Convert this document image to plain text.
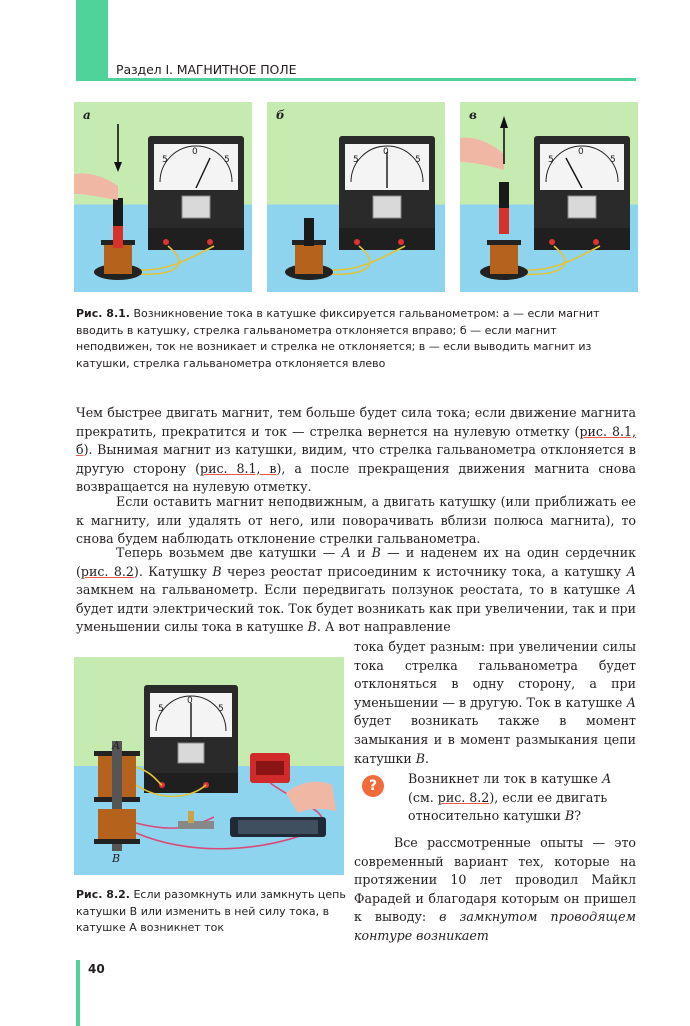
Раздел I. МАГНИТНОЕ ПОЛЕ
5
0
5
а
5
0
5
б
5
0
5
в
Рис. 8.1. Возникновение тока в катушке фиксируется гальванометром: а — если магнит вводить в катушку, стрелка гальванометра отклоняется вправо; б — если магнит неподвижен, ток не возникает и стрелка не отклоняется; в — если выводить магнит из катушки, стрелка гальванометра отклоняется влево
Чем быстрее двигать магнит, тем больше будет сила тока; если движение магнита прекратить, прекратится и ток — стрелка вернется на нулевую отметку (рис. 8.1, б). Вынимая магнит из катушки, видим, что стрелка гальванометра отклоняется в другую сторону (рис. 8.1, в), а после прекращения движения магнита снова возвращается на нулевую отметку.
Если оставить магнит неподвижным, а двигать катушку (или приближать ее к магниту, или удалять от него, или поворачивать вблизи полюса магнита), то снова будем наблюдать отклонение стрелки гальванометра.
Теперь возьмем две катушки — А и В — и наденем их на один сердечник (рис. 8.2). Катушку В через реостат присоединим к источнику тока, а катушку А замкнем на гальванометр. Если передвигать ползунок реостата, то в катушке А будет идти электрический ток. Ток будет возникать как при увеличении, так и при уменьшении силы тока в катушке В. А вот направление
5
0
5
А
В
Рис. 8.2. Если разомкнуть или замкнуть цепь катушки B или изменить в ней силу тока, в катушке A возникнет ток
тока будет разным: при увеличении силы тока стрелка гальванометра будет отклоняться в одну сторону, а при уменьшении — в другую. Ток в катушке А будет возникать также в момент замыкания и в момент размыкания цепи катушки В.
?	Возникнет ли ток в катушке А (см. рис. 8.2), если ее двигать относительно катушки В?
Все рассмотренные опыты — это современный вариант тех, которые на протяжении 10 лет проводил Майкл Фарадей и благодаря которым он пришел к выводу: в замкнутом проводящем контуре возникает
40
